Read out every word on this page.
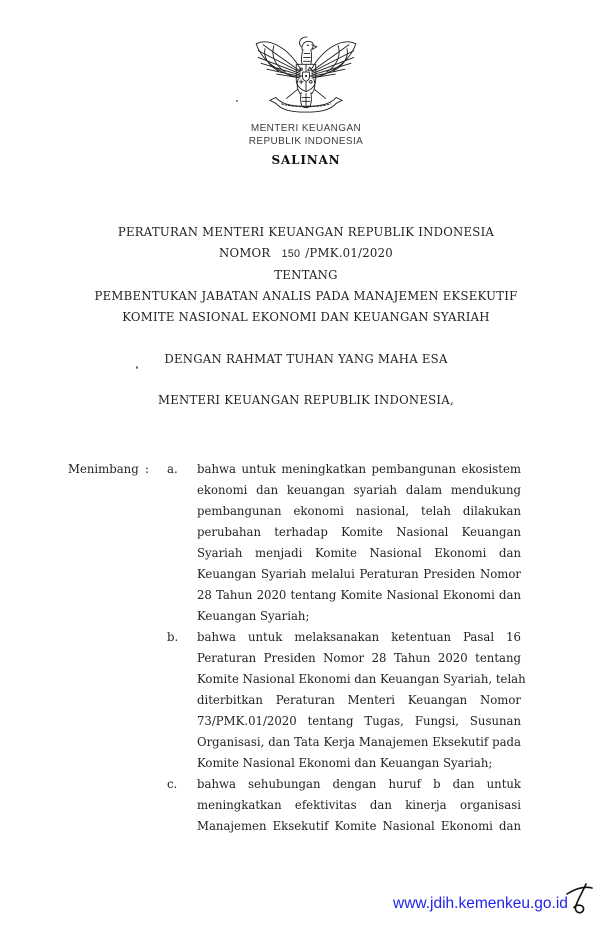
MENTERI KEUANGAN
REPUBLIK INDONESIA
SALINAN
PERATURAN MENTERI KEUANGAN REPUBLIK INDONESIA
NOMOR 150 /PMK.01/2020
TENTANG
PEMBENTUKAN JABATAN ANALIS PADA MANAJEMEN EKSEKUTIF
KOMITE NASIONAL EKONOMI DAN KEUANGAN SYARIAH
DENGAN RAHMAT TUHAN YANG MAHA ESA
MENTERI KEUANGAN REPUBLIK INDONESIA,
Menimbang : a. bahwa untuk meningkatkan pembangunan ekosistem
ekonomi dan keuangan syariah dalam mendukung
pembangunan ekonomi nasional, telah dilakukan
perubahan terhadap Komite Nasional Keuangan
Syariah menjadi Komite Nasional Ekonomi dan
Keuangan Syariah melalui Peraturan Presiden Nomor
28 Tahun 2020 tentang Komite Nasional Ekonomi dan
Keuangan Syariah;
b. bahwa untuk melaksanakan ketentuan Pasal 16
Peraturan Presiden Nomor 28 Tahun 2020 tentang
Komite Nasional Ekonomi dan Keuangan Syariah, telah
diterbitkan Peraturan Menteri Keuangan Nomor
73/PMK.01/2020 tentang Tugas, Fungsi, Susunan
Organisasi, dan Tata Kerja Manajemen Eksekutif pada
Komite Nasional Ekonomi dan Keuangan Syariah;
c. bahwa sehubungan dengan huruf b dan untuk
meningkatkan efektivitas dan kinerja organisasi
Manajemen Eksekutif Komite Nasional Ekonomi dan
www.jdih.kemenkeu.go.id
